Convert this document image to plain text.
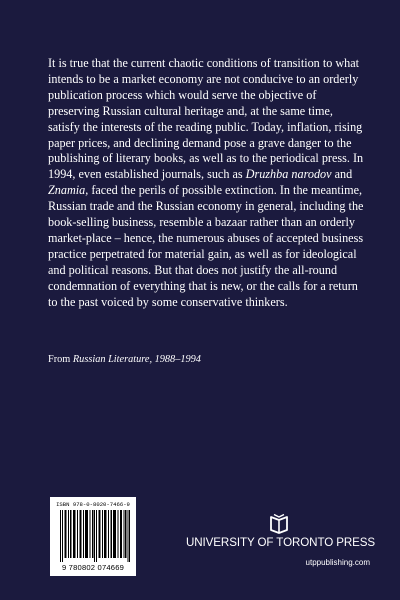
It is true that the current chaotic conditions of transition to what intends to be a market economy are not conducive to an orderly publication process which would serve the objective of preserving Russian cultural heritage and, at the same time, satisfy the interests of the reading public. Today, inflation, rising paper prices, and declining demand pose a grave danger to the publishing of literary books, as well as to the periodical press. In 1994, even established journals, such as Druzhba narodov and Znamia, faced the perils of possible extinction. In the meantime, Russian trade and the Russian economy in general, including the book-selling business, resemble a bazaar rather than an orderly market-place – hence, the numerous abuses of accepted business practice perpetrated for material gain, as well as for ideological and political reasons. But that does not justify the all-round condemnation of everything that is new, or the calls for a return to the past voiced by some conservative thinkers.

From Russian Literature, 1988–1994

ISBN 978-0-8020-7466-9
9 780802 074669
UNIVERSITY OF TORONTO PRESS
utppublishing.com
